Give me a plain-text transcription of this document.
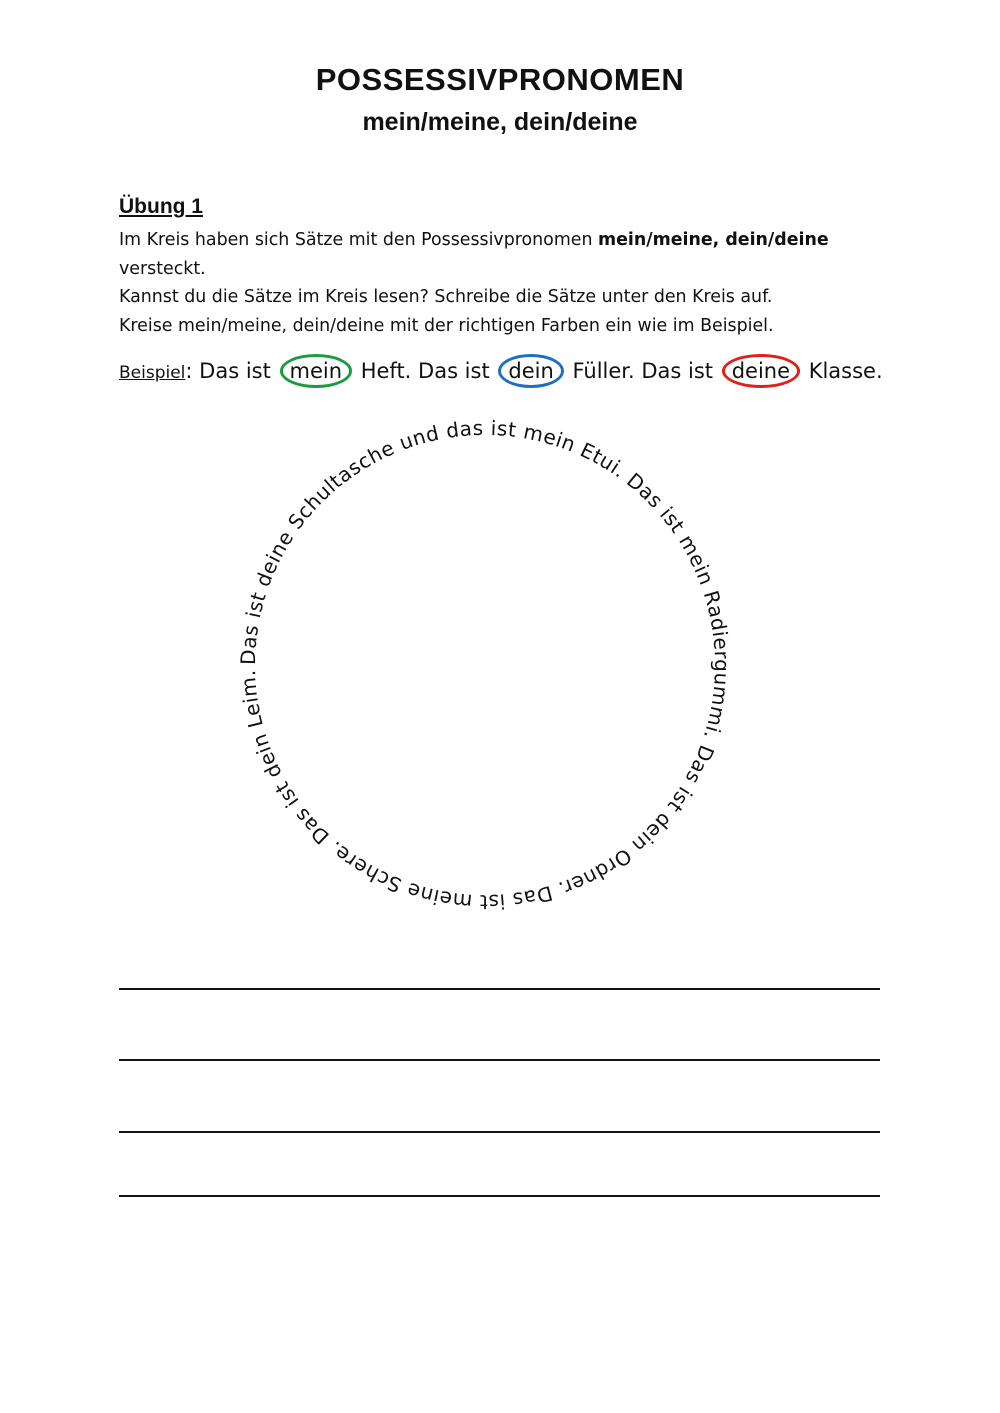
POSSESSIVPRONOMEN
mein/meine, dein/deine
Übung 1

Im Kreis haben sich Sätze mit den Possessivpronomen mein/meine, dein/deine versteckt.

Kannst du die Sätze im Kreis lesen? Schreibe die Sätze unter den Kreis auf.

Kreise mein/meine, dein/deine mit der richtigen Farben ein wie im Beispiel.

Beispiel: Das ist mein Heft. Das ist dein Füller. Das ist deine Klasse.
Das ist deine Schultasche und das ist mein Etui. Das ist mein Radiergummi. Das ist dein Ordner. Das ist meine Schere. Das ist dein Leim.
